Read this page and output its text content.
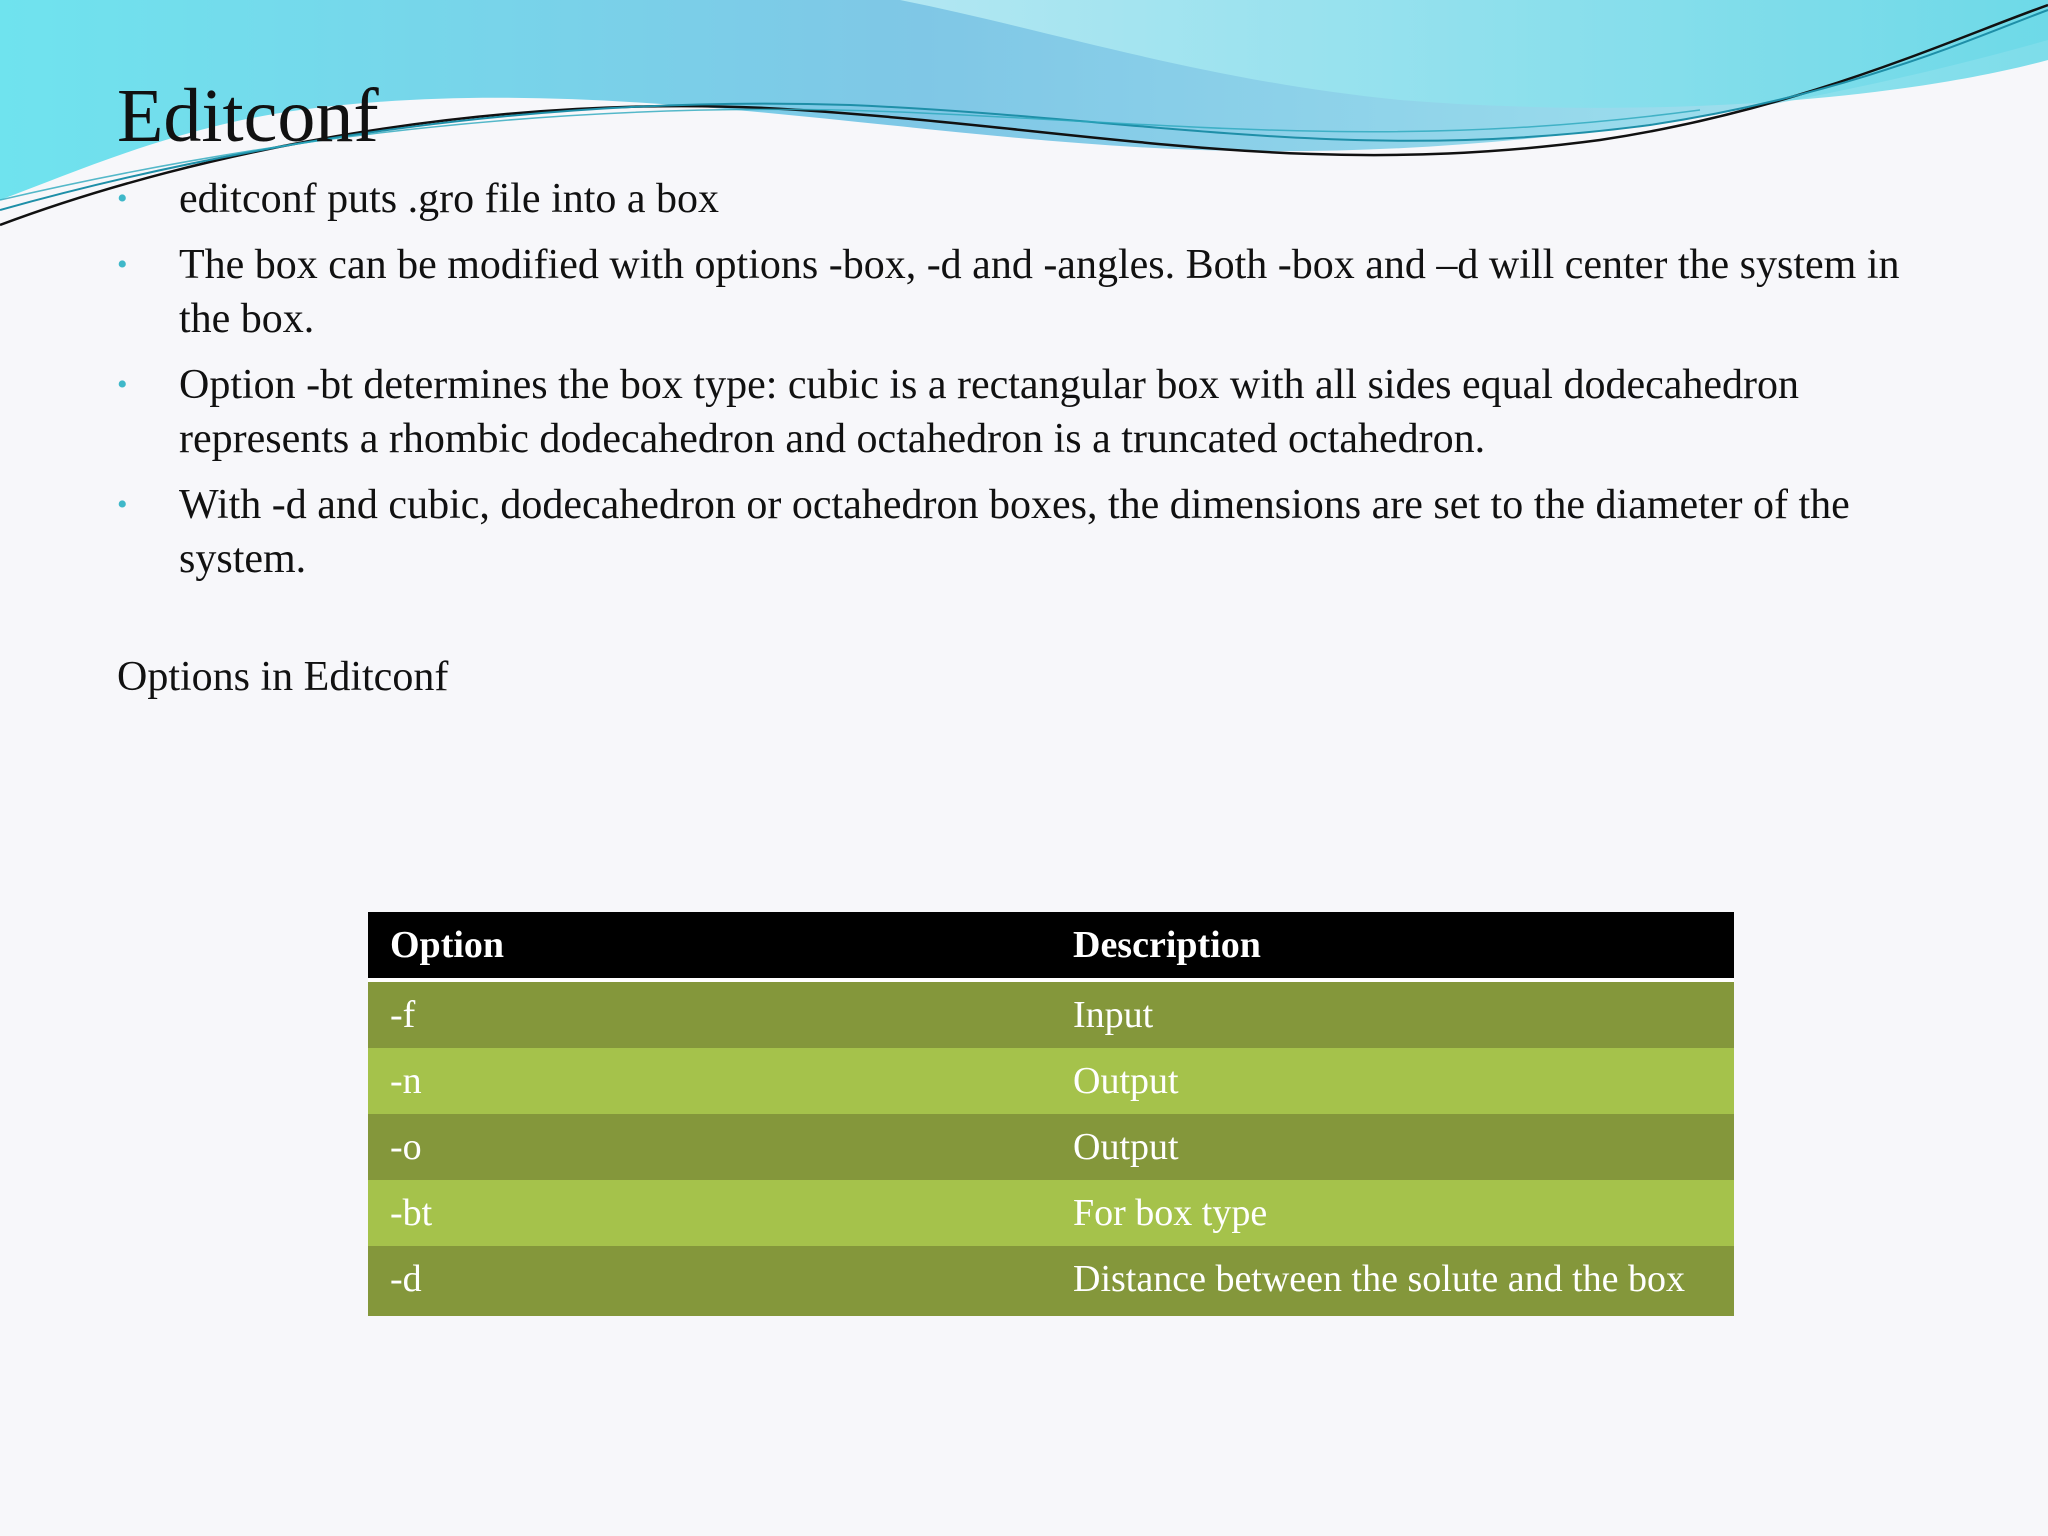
Editconf
• editconf puts .gro file into a box
• The box can be modified with options -box, -d and -angles. Both -box and –d will center the system in the box.
• Option -bt determines the box type: cubic is a rectangular box with all sides equal dodecahedron represents a rhombic dodecahedron and octahedron is a truncated octahedron.
• With -d and cubic, dodecahedron or octahedron boxes, the dimensions are set to the diameter of the system.

Options in Editconf

Option	Description
-f	Input
-n	Output
-o	Output
-bt	For box type
-d	Distance between the solute and the box
